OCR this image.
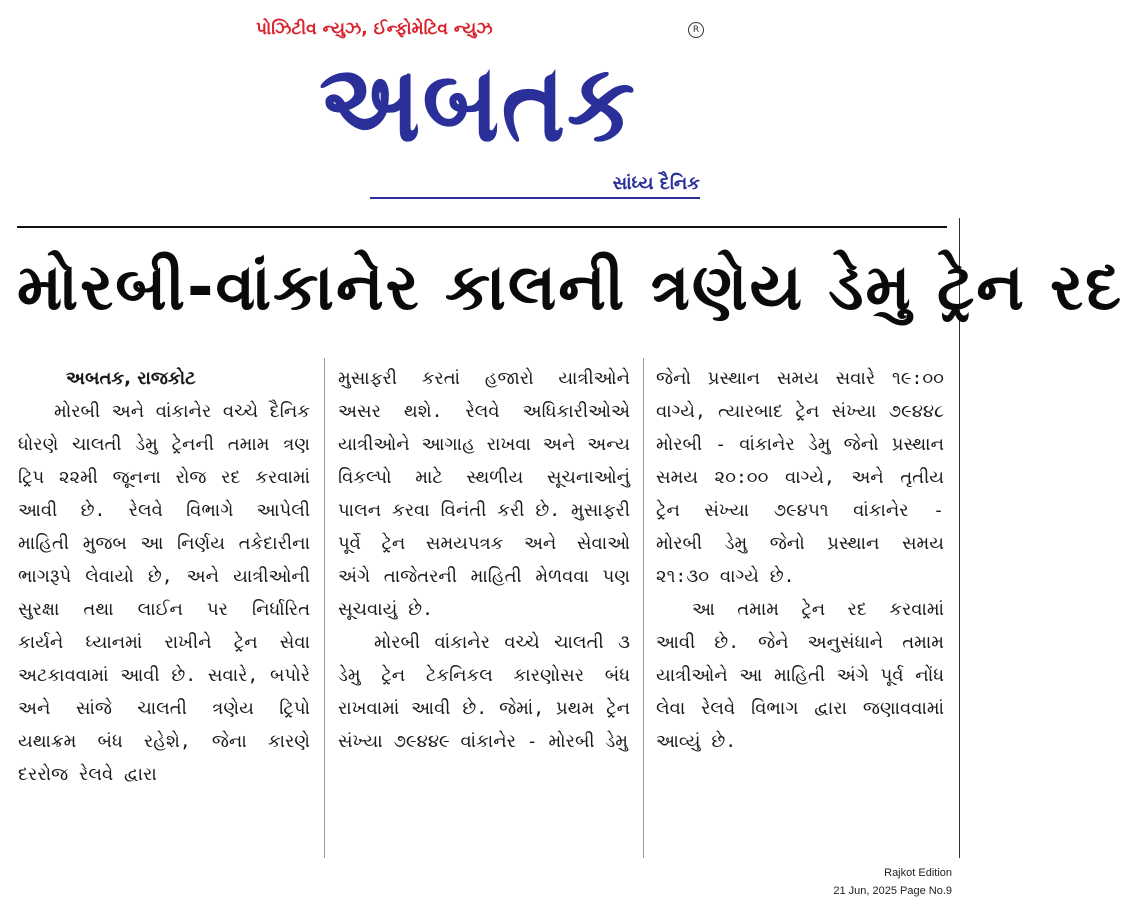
પોઝિટીવ ન્યુઝ, ઈન્ફોમેટિવ ન્યુઝ	R
અબતક
સાંધ્ય દૈનિક
મોરબી-વાંકાનેર કાલની ત્રણેય ડેમુ ટ્રેન રદ

અબતક, રાજકોટ

મોરબી અને વાંકાનેર વચ્ચે દૈનિક ધોરણે ચાલતી ડેમુ ટ્રેનની તમામ ત્રણ ટ્રિપ ૨૨મી જૂનના રોજ રદ કરવામાં આવી છે. રેલવે વિભાગે આપેલી માહિતી મુજબ આ નિર્ણય તકેદારીના ભાગરૂપે લેવાયો છે, અને યાત્રીઓની સુરક્ષા તથા લાઈન પર નિર્ધારિત કાર્યને ધ્યાનમાં રાખીને ટ્રેન સેવા અટકાવવામાં આવી છે. સવારે, બપોરે અને સાંજે ચાલતી ત્રણેય ટ્રિપો યથાક્રમ બંધ રહેશે, જેના કારણે દરરોજ રેલવે દ્વારા

મુસાફરી કરતાં હજારો યાત્રીઓને અસર થશે. રેલવે અધિકારીઓએ યાત્રીઓને આગાહ રાખવા અને અન્ય વિકલ્પો માટે સ્થળીય સૂચનાઓનું પાલન કરવા વિનંતી કરી છે. મુસાફરી પૂર્વે ટ્રેન સમયપત્રક અને સેવાઓ અંગે તાજેતરની માહિતી મેળવવા પણ સૂચવાયું છે.

મોરબી વાંકાનેર વચ્ચે ચાલતી ૩ ડેમુ ટ્રેન ટેકનિકલ કારણોસર બંધ રાખવામાં આવી છે. જેમાં, પ્રથમ ટ્રેન સંખ્યા ૭૯૪૪૯ વાંકાનેર - મોરબી ડેમુ

જેનો પ્રસ્થાન સમય સવારે ૧૯:૦૦ વાગ્યે, ત્યારબાદ ટ્રેન સંખ્યા ૭૯૪૪૮ મોરબી - વાંકાનેર ડેમુ જેનો પ્રસ્થાન સમય ૨૦:૦૦ વાગ્યે, અને તૃતીય ટ્રેન સંખ્યા ૭૯૪૫૧ વાંકાનેર - મોરબી ડેમુ જેનો પ્રસ્થાન સમય ૨૧:૩૦ વાગ્યે છે.

આ તમામ ટ્રેન રદ કરવામાં આવી છે. જેને અનુસંધાને તમામ યાત્રીઓને આ માહિતી અંગે પૂર્વ નોંધ લેવા રેલવે વિભાગ દ્વારા જણાવવામાં આવ્યું છે.

Rajkot Edition
21 Jun, 2025 Page No.9
